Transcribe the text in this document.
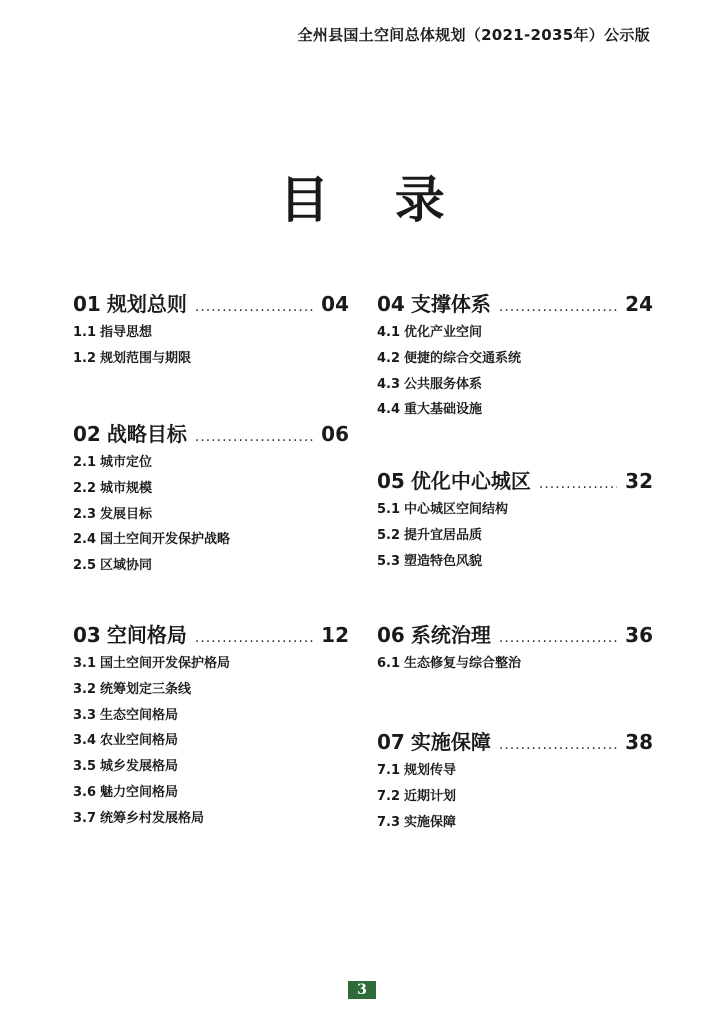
全州县国土空间总体规划（2021-2035年）公示版
目 录
01 规划总则 .....	04
1.1 指导思想
1.2 规划范围与期限
02 战略目标 .....	06
2.1 城市定位
2.2 城市规模
2.3 发展目标
2.4 国土空间开发保护战略
2.5 区域协同
03 空间格局 .....	12
3.1 国土空间开发保护格局
3.2 统筹划定三条线
3.3 生态空间格局
3.4 农业空间格局
3.5 城乡发展格局
3.6 魅力空间格局
3.7 统筹乡村发展格局
04 支撑体系 .....	24
4.1 优化产业空间
4.2 便捷的综合交通系统
4.3 公共服务体系
4.4 重大基础设施
05 优化中心城区 .....	32
5.1 中心城区空间结构
5.2 提升宜居品质
5.3 塑造特色风貌
06 系统治理 .....	36
6.1 生态修复与综合整治
07 实施保障 .....	38
7.1 规划传导
7.2 近期计划
7.3 实施保障
3
